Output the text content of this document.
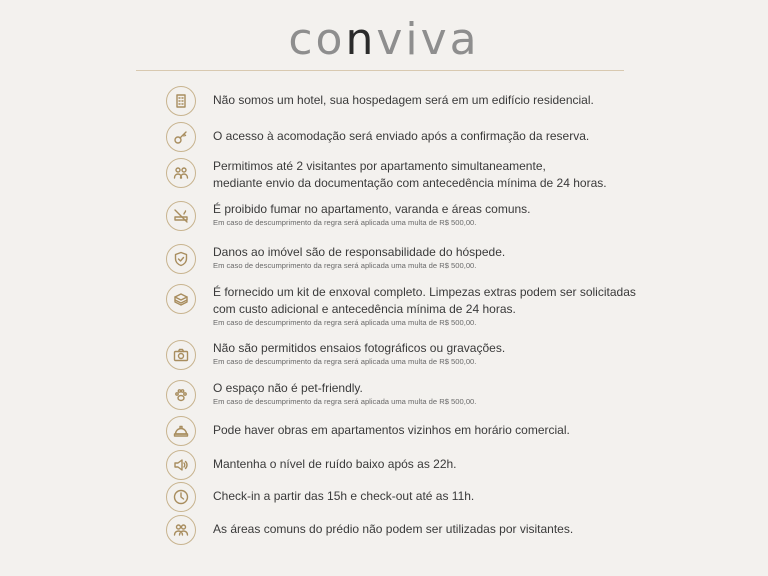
conviva
Não somos um hotel, sua hospedagem será em um edifício residencial.
O acesso à acomodação será enviado após a confirmação da reserva.
Permitimos até 2 visitantes por apartamento simultaneamente,
mediante envio da documentação com antecedência mínima de 24 horas.
É proibido fumar no apartamento, varanda e áreas comuns.
Em caso de descumprimento da regra será aplicada uma multa de R$ 500,00.
Danos ao imóvel são de responsabilidade do hóspede.
Em caso de descumprimento da regra será aplicada uma multa de R$ 500,00.
É fornecido um kit de enxoval completo. Limpezas extras podem ser solicitadas
com custo adicional e antecedência mínima de 24 horas.
Em caso de descumprimento da regra será aplicada uma multa de R$ 500,00.
Não são permitidos ensaios fotográficos ou gravações.
Em caso de descumprimento da regra será aplicada uma multa de R$ 500,00.
O espaço não é pet-friendly.
Em caso de descumprimento da regra será aplicada uma multa de R$ 500,00.
Pode haver obras em apartamentos vizinhos em horário comercial.
Mantenha o nível de ruído baixo após as 22h.
Check-in a partir das 15h e check-out até as 11h.
As áreas comuns do prédio não podem ser utilizadas por visitantes.
